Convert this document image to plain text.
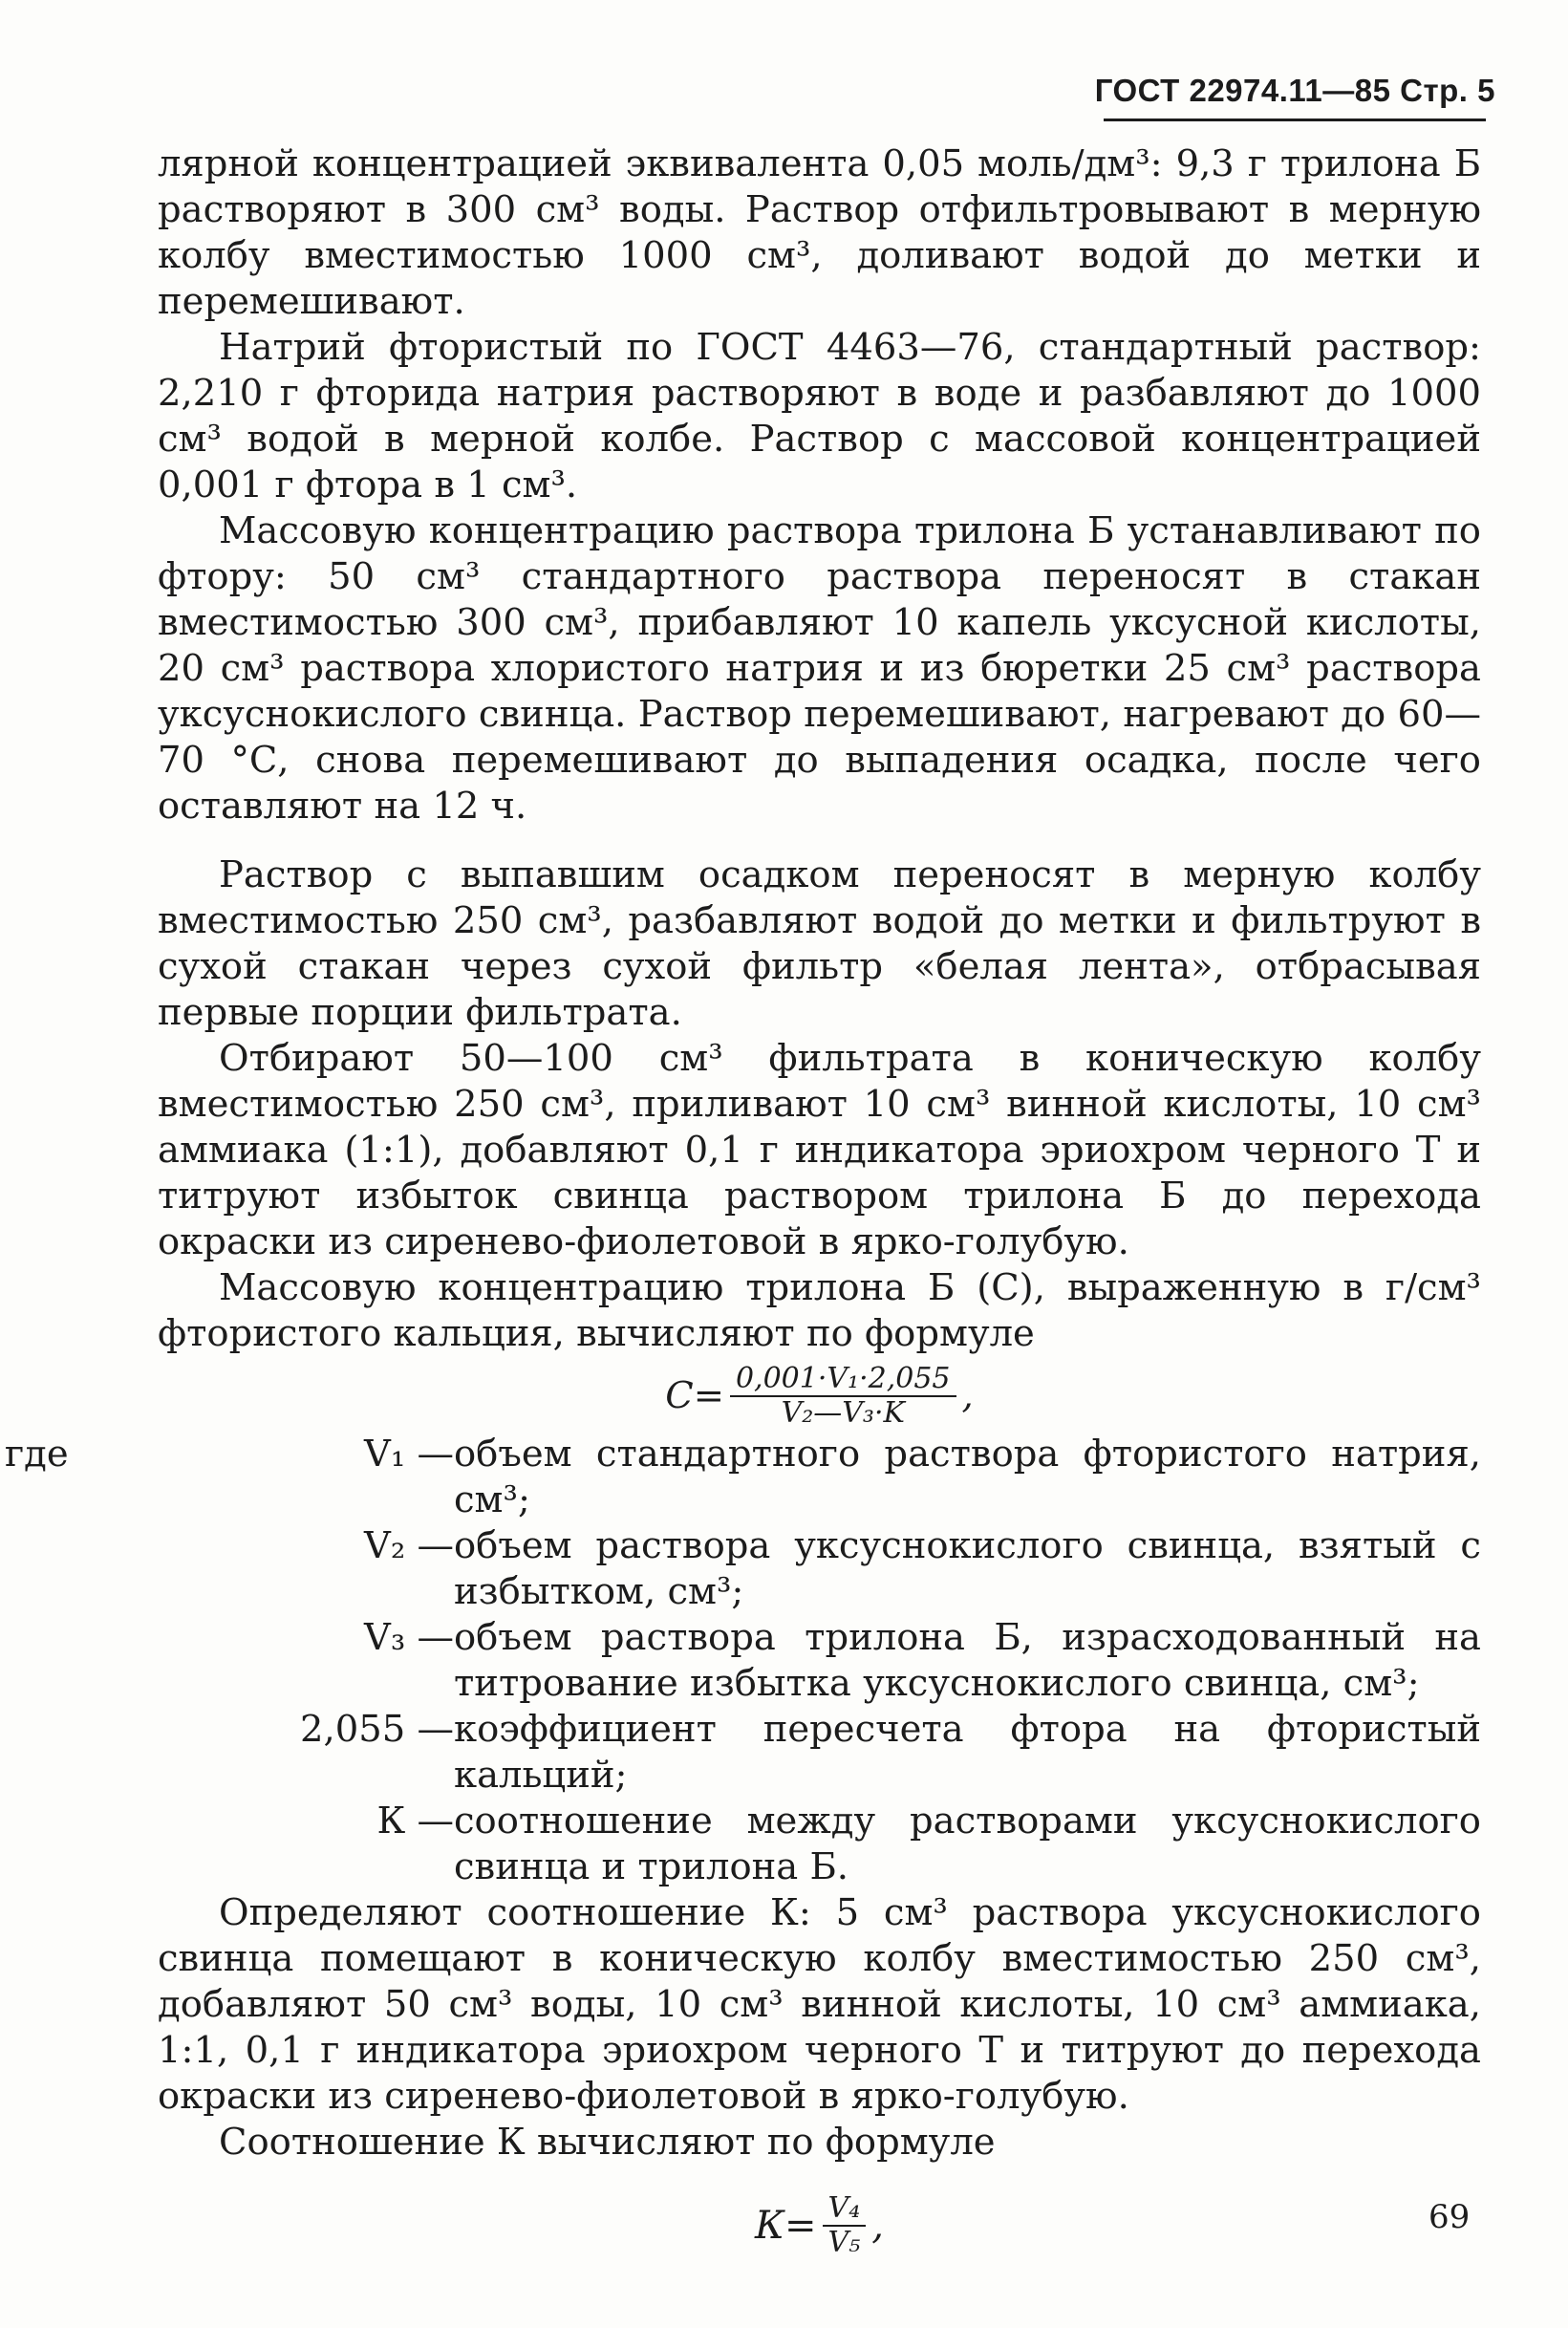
ГОСТ 22974.11—85 Стр. 5

лярной концентрацией эквивалента 0,05 моль/дм³: 9,3 г трилона Б растворяют в 300 см³ воды. Раствор отфильтровывают в мерную колбу вместимостью 1000 см³, доливают водой до метки и перемешивают.

Натрий фтористый по ГОСТ 4463—76, стандартный раствор: 2,210 г фторида натрия растворяют в воде и разбавляют до 1000 см³ водой в мерной колбе. Раствор с массовой концентрацией 0,001 г фтора в 1 см³.

Массовую концентрацию раствора трилона Б устанавливают по фтору: 50 см³ стандартного раствора переносят в стакан вместимостью 300 см³, прибавляют 10 капель уксусной кислоты, 20 см³ раствора хлористого натрия и из бюретки 25 см³ раствора уксуснокислого свинца. Раствор перемешивают, нагревают до 60—70 °С, снова перемешивают до выпадения осадка, после чего оставляют на 12 ч.

Раствор с выпавшим осадком переносят в мерную колбу вместимостью 250 см³, разбавляют водой до метки и фильтруют в сухой стакан через сухой фильтр «белая лента», отбрасывая первые порции фильтрата.

Отбирают 50—100 см³ фильтрата в коническую колбу вместимостью 250 см³, приливают 10 см³ винной кислоты, 10 см³ аммиака (1:1), добавляют 0,1 г индикатора эриохром черного Т и титруют избыток свинца раствором трилона Б до перехода окраски из сиренево-фиолетовой в ярко-голубую.

Массовую концентрацию трилона Б (С), выраженную в г/см³ фтористого кальция, вычисляют по формуле

$С= \frac{\text{0,001·V₁·2,055}}{\text{V₂—V₃·K}}$ ,
где	V₁ — объем стандартного раствора фтористого натрия, см³;
V₂ — объем раствора уксуснокислого свинца, взятый с избытком, см³;
V₃ — объем раствора трилона Б, израсходованный на титрование избытка уксуснокислого свинца, см³;
2,055 — коэффициент пересчета фтора на фтористый кальций;
К — соотношение между растворами уксуснокислого свинца и трилона Б.

Определяют соотношение К: 5 см³ раствора уксуснокислого свинца помещают в коническую колбу вместимостью 250 см³, добавляют 50 см³ воды, 10 см³ винной кислоты, 10 см³ аммиака, 1:1, 0,1 г индикатора эриохром черного Т и титруют до перехода окраски из сиренево-фиолетовой в ярко-голубую.

Соотношение К вычисляют по формуле

$К= \frac{\text{V₄}}{\text{V₅}}$ ,	69
